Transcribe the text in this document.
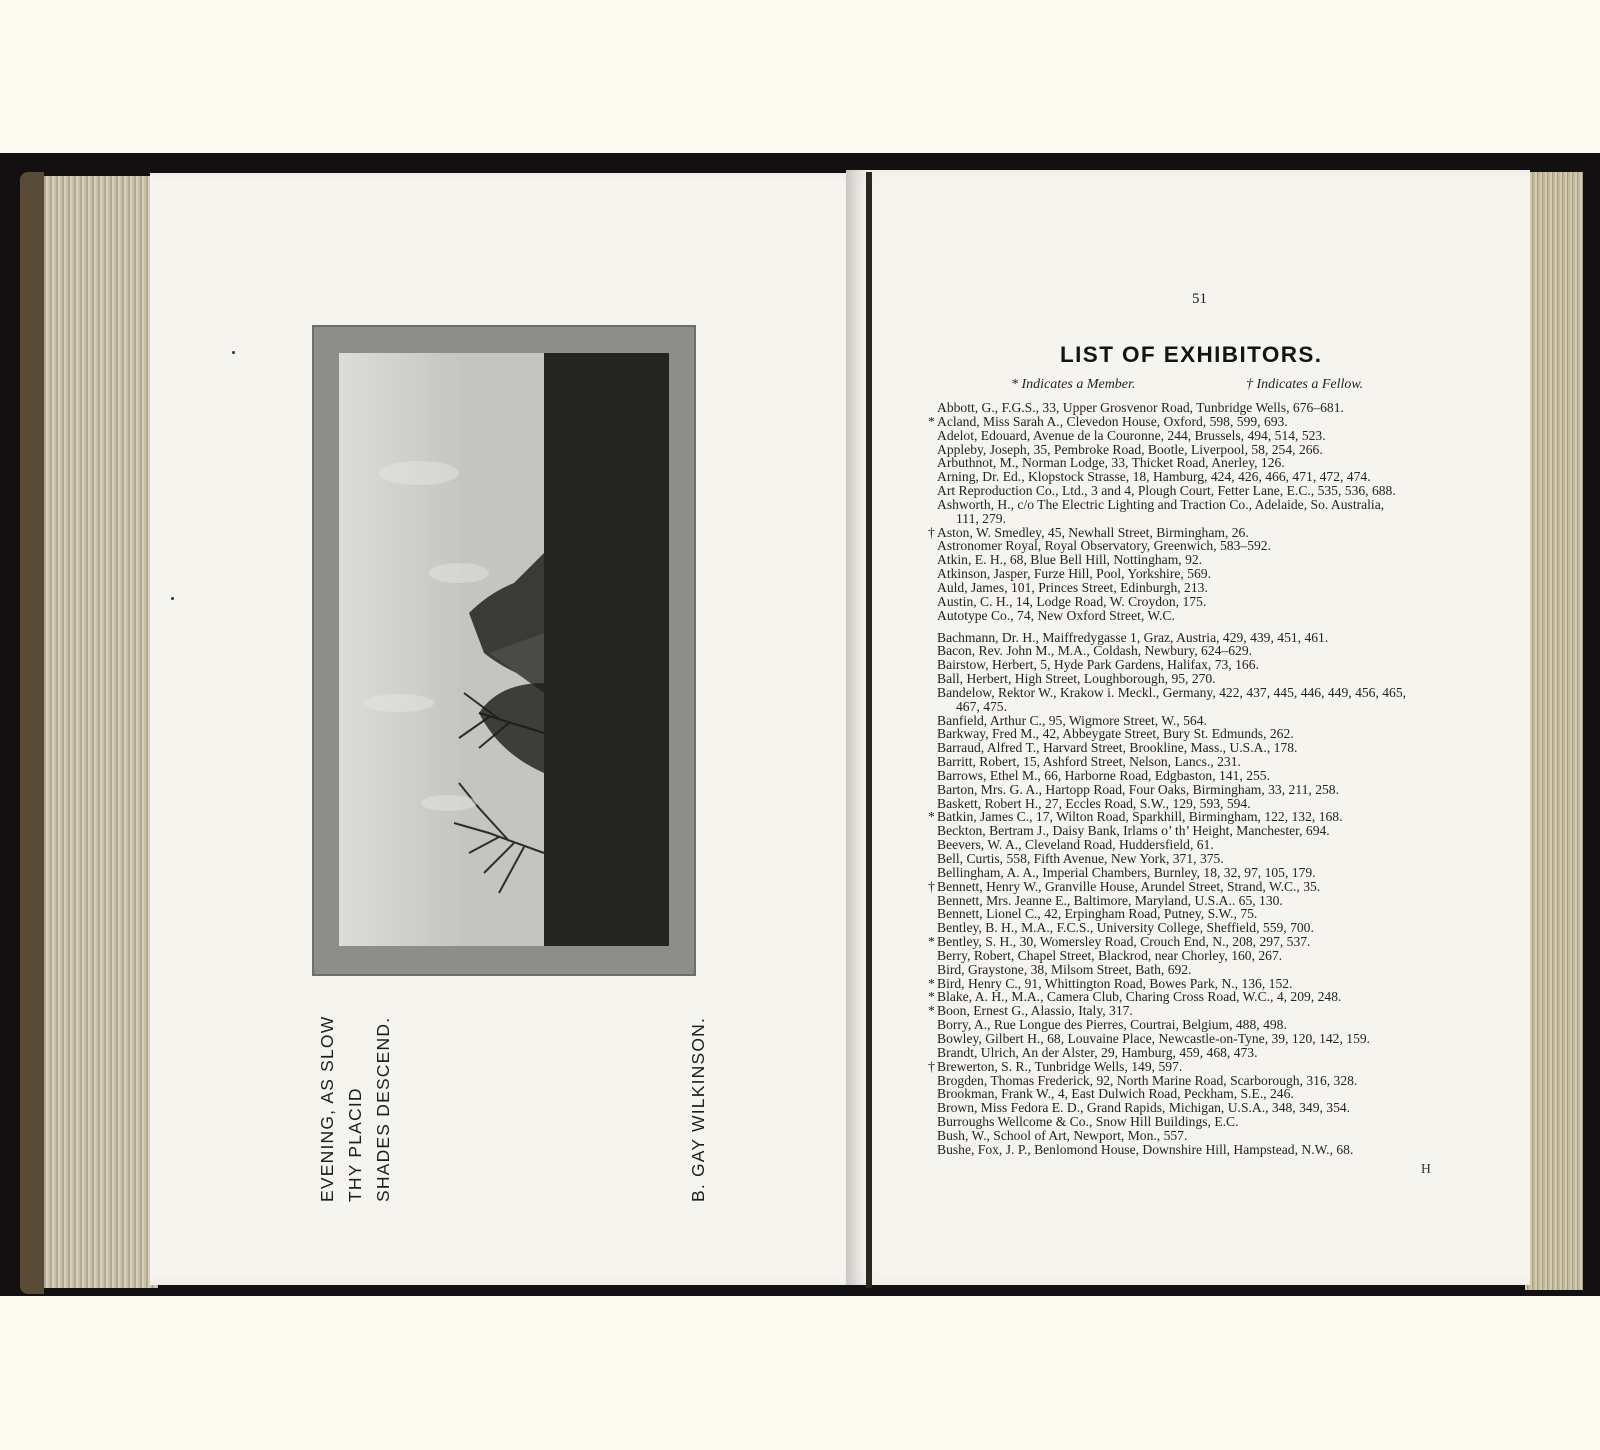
EVENING, AS SLOW THY PLACID SHADES DESCEND.	B. GAY WILKINSON.
51
LIST OF EXHIBITORS.
* Indicates a Member.	† Indicates a Fellow.
Abbott, G., F.G.S., 33, Upper Grosvenor Road, Tunbridge Wells, 676–681.
* Acland, Miss Sarah A., Clevedon House, Oxford, 598, 599, 693.
Adelot, Edouard, Avenue de la Couronne, 244, Brussels, 494, 514, 523.
Appleby, Joseph, 35, Pembroke Road, Bootle, Liverpool, 58, 254, 266.
Arbuthnot, M., Norman Lodge, 33, Thicket Road, Anerley, 126.
Arning, Dr. Ed., Klopstock Strasse, 18, Hamburg, 424, 426, 466, 471, 472, 474.
Art Reproduction Co., Ltd., 3 and 4, Plough Court, Fetter Lane, E.C., 535, 536, 688.
Ashworth, H., c/o The Electric Lighting and Traction Co., Adelaide, So. Australia,
111, 279.
† Aston, W. Smedley, 45, Newhall Street, Birmingham, 26.
Astronomer Royal, Royal Observatory, Greenwich, 583–592.
Atkin, E. H., 68, Blue Bell Hill, Nottingham, 92.
Atkinson, Jasper, Furze Hill, Pool, Yorkshire, 569.
Auld, James, 101, Princes Street, Edinburgh, 213.
Austin, C. H., 14, Lodge Road, W. Croydon, 175.
Autotype Co., 74, New Oxford Street, W.C.
Bachmann, Dr. H., Maiffredygasse 1, Graz, Austria, 429, 439, 451, 461.
Bacon, Rev. John M., M.A., Coldash, Newbury, 624–629.
Bairstow, Herbert, 5, Hyde Park Gardens, Halifax, 73, 166.
Ball, Herbert, High Street, Loughborough, 95, 270.
Bandelow, Rektor W., Krakow i. Meckl., Germany, 422, 437, 445, 446, 449, 456, 465,
467, 475.
Banfield, Arthur C., 95, Wigmore Street, W., 564.
Barkway, Fred M., 42, Abbeygate Street, Bury St. Edmunds, 262.
Barraud, Alfred T., Harvard Street, Brookline, Mass., U.S.A., 178.
Barritt, Robert, 15, Ashford Street, Nelson, Lancs., 231.
Barrows, Ethel M., 66, Harborne Road, Edgbaston, 141, 255.
Barton, Mrs. G. A., Hartopp Road, Four Oaks, Birmingham, 33, 211, 258.
Baskett, Robert H., 27, Eccles Road, S.W., 129, 593, 594.
* Batkin, James C., 17, Wilton Road, Sparkhill, Birmingham, 122, 132, 168.
Beckton, Bertram J., Daisy Bank, Irlams o’ th’ Height, Manchester, 694.
Beevers, W. A., Cleveland Road, Huddersfield, 61.
Bell, Curtis, 558, Fifth Avenue, New York, 371, 375.
Bellingham, A. A., Imperial Chambers, Burnley, 18, 32, 97, 105, 179.
† Bennett, Henry W., Granville House, Arundel Street, Strand, W.C., 35.
Bennett, Mrs. Jeanne E., Baltimore, Maryland, U.S.A.. 65, 130.
Bennett, Lionel C., 42, Erpingham Road, Putney, S.W., 75.
Bentley, B. H., M.A., F.C.S., University College, Sheffield, 559, 700.
* Bentley, S. H., 30, Womersley Road, Crouch End, N., 208, 297, 537.
Berry, Robert, Chapel Street, Blackrod, near Chorley, 160, 267.
Bird, Graystone, 38, Milsom Street, Bath, 692.
* Bird, Henry C., 91, Whittington Road, Bowes Park, N., 136, 152.
* Blake, A. H., M.A., Camera Club, Charing Cross Road, W.C., 4, 209, 248.
* Boon, Ernest G., Alassio, Italy, 317.
Borry, A., Rue Longue des Pierres, Courtrai, Belgium, 488, 498.
Bowley, Gilbert H., 68, Louvaine Place, Newcastle-on-Tyne, 39, 120, 142, 159.
Brandt, Ulrich, An der Alster, 29, Hamburg, 459, 468, 473.
† Brewerton, S. R., Tunbridge Wells, 149, 597.
Brogden, Thomas Frederick, 92, North Marine Road, Scarborough, 316, 328.
Brookman, Frank W., 4, East Dulwich Road, Peckham, S.E., 246.
Brown, Miss Fedora E. D., Grand Rapids, Michigan, U.S.A., 348, 349, 354.
Burroughs Wellcome & Co., Snow Hill Buildings, E.C.
Bush, W., School of Art, Newport, Mon., 557.
Bushe, Fox, J. P., Benlomond House, Downshire Hill, Hampstead, N.W., 68.
H
